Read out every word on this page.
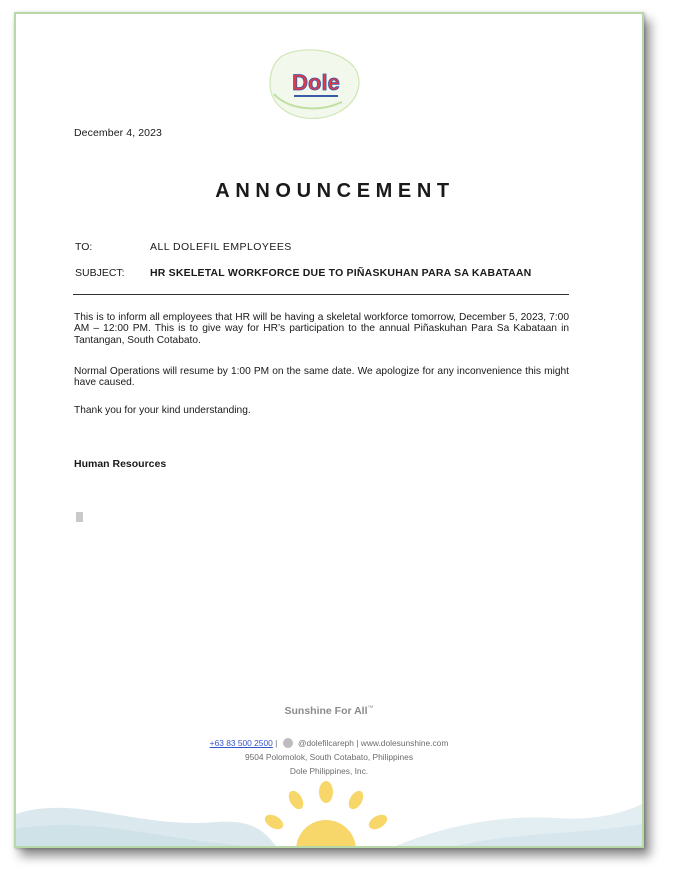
Dole
December 4, 2023
ANNOUNCEMENT
TO:	ALL DOLEFIL EMPLOYEES
SUBJECT: HR SKELETAL WORKFORCE DUE TO PIÑASKUHAN PARA SA KABATAAN
This is to inform all employees that HR will be having a skeletal workforce tomorrow, December 5, 2023, 7:00 AM – 12:00 PM. This is to give way for HR’s participation to the annual Piñaskuhan Para Sa Kabataan in Tantangan, South Cotabato.
Normal Operations will resume by 1:00 PM on the same date. We apologize for any inconvenience this might have caused.
Thank you for your kind understanding.
Human Resources
Sunshine For All™
+63 83 500 2500 | @dolefilcareph | www.dolesunshine.com
9504 Polomolok, South Cotabato, Philippines
Dole Philippines, Inc.
